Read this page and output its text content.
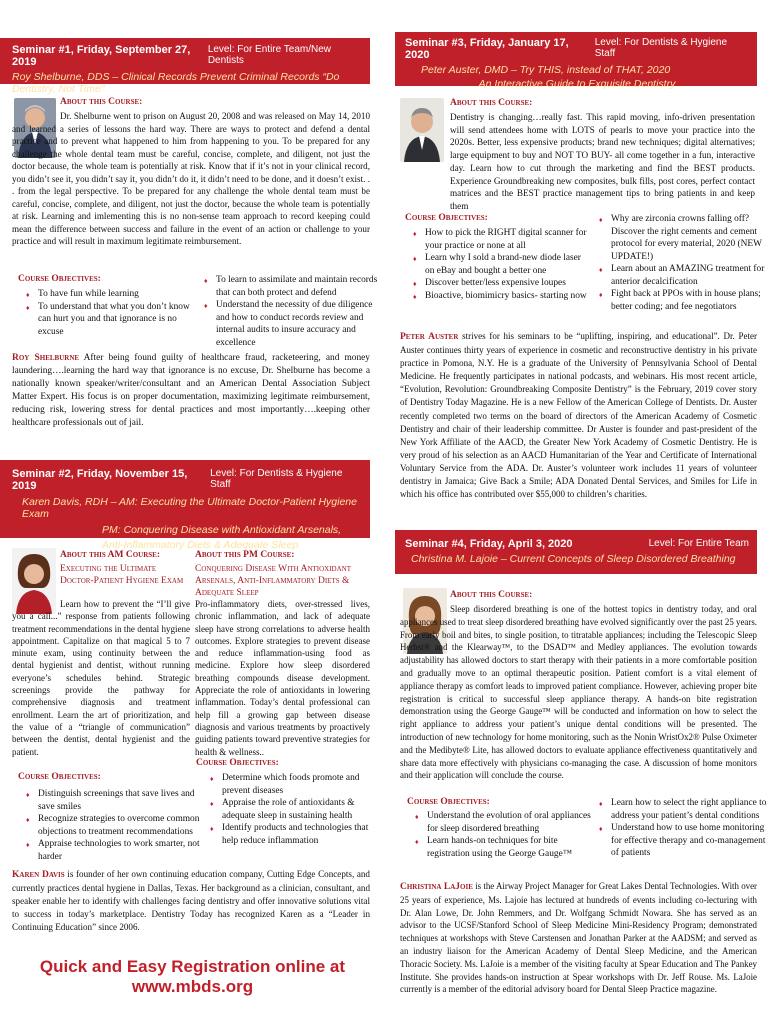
Seminar #1, Friday, September 27, 2019
Level: For Entire Team/New Dentists
Roy Shelburne, DDS – Clinical Records Prevent Criminal Records “Do Dentistry, Not Time”
About this Course:
Dr. Shelburne went to prison on August 20, 2008 and was released on May 14, 2010 and learned a series of lessons the hard way. There are ways to protect and defend a dental practice and to prevent what happened to him from happening to you. To be prepared for any challenge the whole dental team must be careful, concise, complete, and diligent, not just the doctor because, the whole team is potentially at risk. Know that if it’s not in your clinical record, you didn’t see it, you didn’t say it, you didn’t do it, it didn’t need to be done, and it doesn’t exist. . . from the legal perspective. To be prepared for any challenge the whole dental team must be careful, concise, complete, and diligent, not just the doctor, because the whole team is potentially at risk. Learning and imlementing this is no non-sense team approach to record keeping could mean the difference between success and failure in the event of an action or challenge to your practice and will result in maximum legitimate reimbursement.
Course Objectives:
♦ To have fun while learning
♦ To understand that what you don’t know can hurt you and that ignorance is no excuse
♦ To learn to assimilate and maintain records that can both protect and defend
♦ Understand the necessity of due diligence and how to conduct records review and internal audits to insure accuracy and excellence
Roy Shelburne After being found guilty of healthcare fraud, racketeering, and money laundering….learning the hard way that ignorance is no excuse, Dr. Shelburne has become a nationally known speaker/writer/consultant and an American Dental Association Subject Matter Expert. His focus is on proper documentation, maximizing legitimate reimbursement, reducing risk, lowering stress for dental practices and most importantly….keeping other healthcare professionals out of jail.
Seminar #2, Friday, November 15, 2019
Level: For Dentists & Hygiene Staff
Karen Davis, RDH – AM: Executing the Ultimate Doctor-Patient Hygiene Exam
PM: Conquering Disease with Antioxidant Arsenals, Anti-Inflammatory Diets & Adequate Sleep
About this AM Course:
Executing the Ultimate Doctor-Patient Hygiene Exam
About this PM Course:
Conquering Disease With Antioxidant Arsenals, Anti-Inflammatory Diets & Adequate Sleep
Learn how to prevent the “I’ll give you a call...” response from patients following treatment recommendations in the dental hygiene appointment. Capitalize on that magical 5 to 7 minute exam, using continuity between the dental hygienist and dentist, without running everyone’s schedules behind. Strategic screenings provide the pathway for comprehensive diagnosis and treatment enrollment. Learn the art of prioritization, and the value of a “triangle of communication” between the dentist, dental hygienist and the patient.
Pro-inflammatory diets, over-stressed lives, chronic inflammation, and lack of adequate sleep have strong correlations to adverse health outcomes. Explore strategies to prevent disease and reduce inflammation-using food as medicine. Explore how sleep disordered breathing compounds disease development. Appreciate the role of antioxidants in lowering inflammation. Today’s dental professional can help fill a growing gap between disease diagnosis and various treatments by proactively guiding patients toward preventive strategies for health & wellness..
Course Objectives:
♦ Distinguish screenings that save lives and save smiles
♦ Recognize strategies to overcome common objections to treatment recommendations
♦ Appraise technologies to work smarter, not harder
Course Objectives:
♦ Determine which foods promote and prevent diseases
♦ Appraise the role of antioxidants & adequate sleep in sustaining health
♦ Identify products and technologies that help reduce inflammation
Karen Davis is founder of her own continuing education company, Cutting Edge Concepts, and currently practices dental hygiene in Dallas, Texas. Her background as a clinician, consultant, and speaker enable her to identify with challenges facing dentistry and offer innovative solutions vital to success in today’s marketplace. Dentistry Today has recognized Karen as a “Leader in Continuing Education” since 2006.
Quick and Easy Registration online at www.mbds.org
Seminar #3, Friday, January 17, 2020
Level: For Dentists & Hygiene Staff
Peter Auster, DMD – Try THIS, instead of THAT, 2020
An Interactive Guide to Exquisite Dentistry
About this Course:
Dentistry is changing…really fast. This rapid moving, info-driven presentation will send attendees home with LOTS of pearls to move your practice into the 2020s. Better, less expensive products; brand new techniques; digital alternatives; large equipment to buy and NOT TO BUY- all come together in a fun, interactive day. Learn how to cut through the marketing and find the BEST products. Experience Groundbreaking new composites, bulk fills, post cores, perfect contact matrices and the BEST practice management tips to bring patients in and keep them
Course Objectives:
♦ How to pick the RIGHT digital scanner for your practice or none at all
♦ Learn why I sold a brand-new diode laser on eBay and bought a better one
♦ Discover better/less expensive loupes
♦ Bioactive, biomimicry basics- starting now
♦ Why are zirconia crowns falling off? Discover the right cements and cement protocol for every material, 2020 (NEW UPDATE!)
♦ Learn about an AMAZING treatment for anterior decalcification
♦ Fight back at PPOs with in house plans; better coding; and fee negotiators
Peter Auster strives for his seminars to be “uplifting, inspiring, and educational”. Dr. Peter Auster continues thirty years of experience in cosmetic and reconstructive dentistry in his private practice in Pomona, N.Y. He is a graduate of the University of Pennsylvania School of Dental Medicine. He frequently participates in national podcasts, and webinars. His most recent article, “Evolution, Revolution: Groundbreaking Composite Dentistry” is the February, 2019 cover story of Dentistry Today Magazine. He is a new Fellow of the American College of Dentists. Dr. Auster recently completed two terms on the board of directors of the American Academy of Cosmetic Dentistry and chair of their leadership committee. Dr Auster is founder and past-president of the New York Affiliate of the AACD, the Greater New York Academy of Cosmetic Dentistry. He is very proud of his selection as an AACD Humanitarian of the Year and Certificate of International Voluntary Service from the ADA. Dr. Auster’s volunteer work includes 11 years of volunteer dentistry in Jamaica; Give Back a Smile; ADA Donated Dental Services, and Smiles for Life in which his office has contributed over $55,000 to children’s charities.
Seminar #4, Friday, April 3, 2020	Level: For Entire Team
Christina M. Lajoie – Current Concepts of Sleep Disordered Breathing
About this Course:
Sleep disordered breathing is one of the hottest topics in dentistry today, and oral appliances used to treat sleep disordered breathing have evolved significantly over the past 25 years. From early boil and bites, to single position, to titratable appliances; including the Telescopic Sleep Herbst® and the Klearway™, to the DSAD™ and Medley appliances. The evolution towards adjustability has allowed doctors to start therapy with their patients in a more comfortable position and gradually move to an optimal therapeutic position. Patient comfort is a vital element of appliance therapy as comfort leads to improved patient compliance. However, achieving proper bite registration is critical to successful sleep appliance therapy. A hands-on bite registration demonstration using the George Gauge™ will be conducted and information on how to select the right appliance to address your patient’s unique dental conditions will be presented. The introduction of new technology for home monitoring, such as the Nonin WristOx2® Pulse Oximeter and the Medibyte® Lite, has allowed doctors to evaluate appliance effectiveness quantitatively and share data more effectively with physicians co-managing the case. A discussion of home monitors and their application will conclude the course.
Course Objectives:
♦ Understand the evolution of oral appliances for sleep disordered breathing
♦ Learn hands-on techniques for bite registration using the George Gauge™
♦ Learn how to select the right appliance to address your patient’s dental conditions
♦ Understand how to use home monitoring for effective therapy and co-management of patients
Christina LaJoie is the Airway Project Manager for Great Lakes Dental Technologies. With over 25 years of experience, Ms. Lajoie has lectured at hundreds of events including co-lecturing with Dr. Alan Lowe, Dr. John Remmers, and Dr. Wolfgang Schmidt Nowara. She has served as an advisor to the UCSF/Stanford School of Sleep Medicine Mini-Residency Program; demonstrated techniques at workshops with Steve Carstensen and Jonathan Parker at the AADSM; and served as an industry liaison for the American Academy of Dental Sleep Medicine, and the American Thoracic Society. Ms. LaJoie is a member of the visiting faculty at Spear Education and The Pankey Institute. She provides hands-on instruction at Spear workshops with Dr. Jeff Rouse. Ms. LaJoie currently is a member of the editorial advisory board for Dental Sleep Practice magazine.
